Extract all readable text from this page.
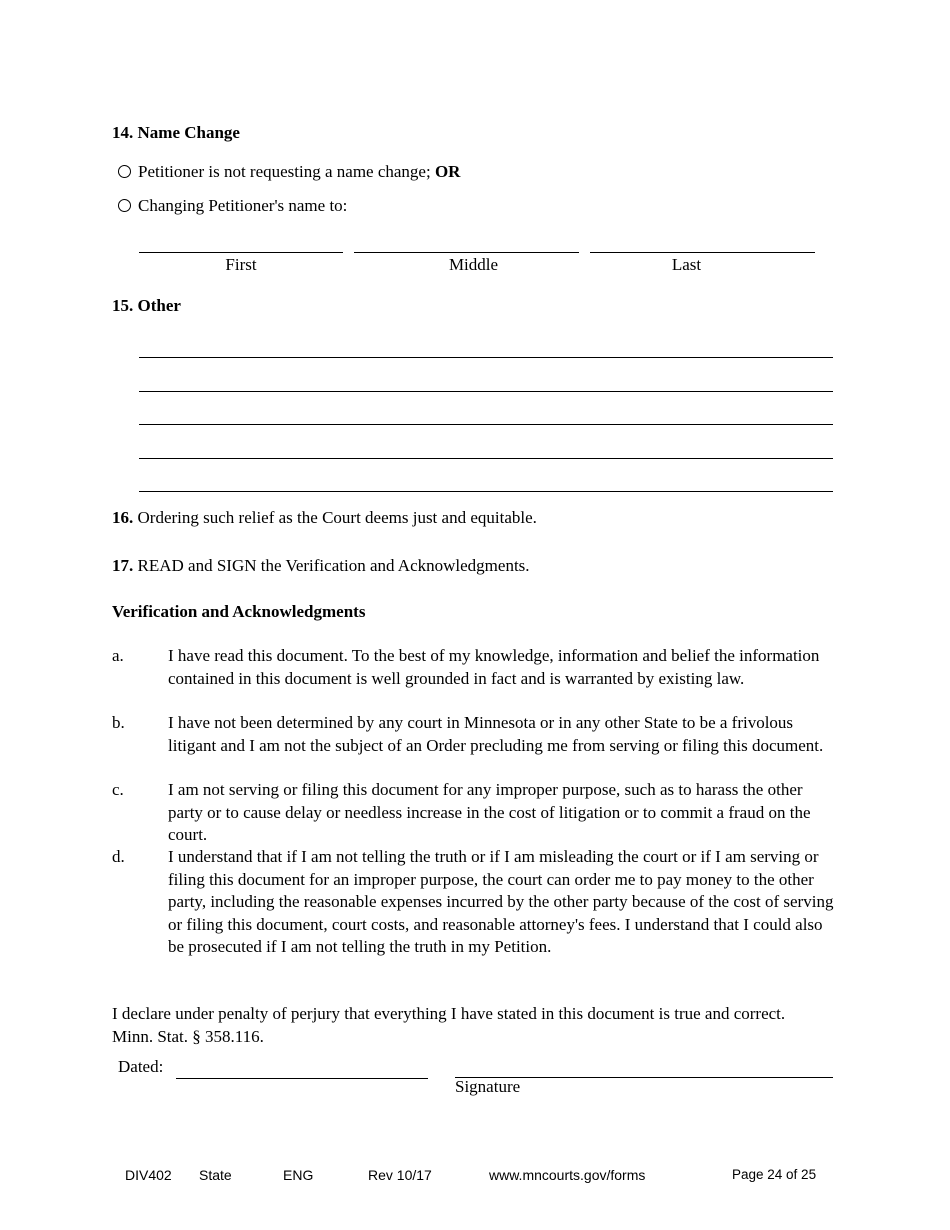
14. Name Change
Petitioner is not requesting a name change; OR
Changing Petitioner's name to:
First	Middle	Last
15. Other
16. Ordering such relief as the Court deems just and equitable.
17. READ and SIGN the Verification and Acknowledgments.
Verification and Acknowledgments
a.	I have read this document. To the best of my knowledge, information and belief the information contained in this document is well grounded in fact and is warranted by existing law.
b.	I have not been determined by any court in Minnesota or in any other State to be a frivolous litigant and I am not the subject of an Order precluding me from serving or filing this document.
c.	I am not serving or filing this document for any improper purpose, such as to harass the other party or to cause delay or needless increase in the cost of litigation or to commit a fraud on the court.
d.	I understand that if I am not telling the truth or if I am misleading the court or if I am serving or filing this document for an improper purpose, the court can order me to pay money to the other party, including the reasonable expenses incurred by the other party because of the cost of serving or filing this document, court costs, and reasonable attorney's fees. I understand that I could also be prosecuted if I am not telling the truth in my Petition.
I declare under penalty of perjury that everything I have stated in this document is true and correct. Minn. Stat. § 358.116.
Dated:
Signature
DIV402 State	ENG	Rev 10/17	www.mncourts.gov/forms	Page 24 of 25
